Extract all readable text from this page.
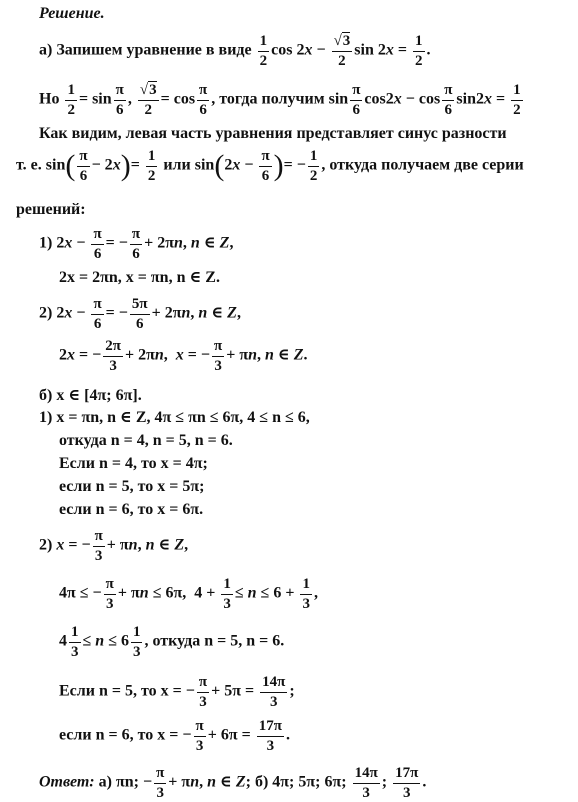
Решение.
а) Запишем уравнение в виде $\frac{1}{2}$ $\cos 2x - \frac{√3}{2}$ $\sin 2x = \frac{1}{2}$ .
Но $\frac{1}{2} = \sin \frac{\pi}{6}$ , $\frac{√3}{2} = \cos \frac{\pi}{6}$ , тогда получим $\sin \frac{\pi}{6} \cos 2x - \cos \frac{\pi}{6} \sin 2x = \frac{1}{2}$
Как видим, левая часть уравнения представляет синус разности
т. е. $\sin( \frac{\pi}{6} - 2x)= \frac{1}{2}$ или $\sin(2x - \frac{\pi}{6}$ )= − $\frac{1}{2}$ , откуда получаем две серии
решений:
1) $2x - \frac{\pi}{6}$ = − $\frac{\pi}{6} + 2\pi n$, n ∈ Z,
2x = 2πn, x = πn, n ∈ Z.
2) $2x - \frac{\pi}{6}$ = − $\frac{5\pi}{6} + 2\pi n$, n ∈ Z,
2x = − $\frac{2\pi}{3} + 2\pi n$,  x = − $\frac{\pi}{3} + \pi n$, n ∈ Z.
б) x ∈ [4π; 6π].
1) x = πn, n ∈ Z, 4π ≤ πn ≤ 6π, 4 ≤ n ≤ 6,
откуда n = 4, n = 5, n = 6.
Если n = 4, то x = 4π;
если n = 5, то x = 5π;
если n = 6, то x = 6π.
2) x = − $\frac{\pi}{3} + \pi n$, n ∈ Z,
4π ≤ − $\frac{\pi}{3} + \pi n \le 6\pi$,  $4 + \frac{1}{3} \le n \le 6 + \frac{1}{3}$ ,
$4 \frac{1}{3} \le n \le 6 \frac{1}{3}$ , откуда n = 5, n = 6.
Если n = 5, то x = − $\frac{\pi}{3} + 5\pi = \frac{14\pi}{3}$ ;
если n = 6, то x = − $\frac{\pi}{3} + 6\pi = \frac{17\pi}{3}$ .
Ответ: а) πn; − $\frac{\pi}{3} + \pi n$, n ∈ Z; б) 4π; 5π; 6π; $\frac{14\pi}{3}$ ; $\frac{17\pi}{3}$ .
